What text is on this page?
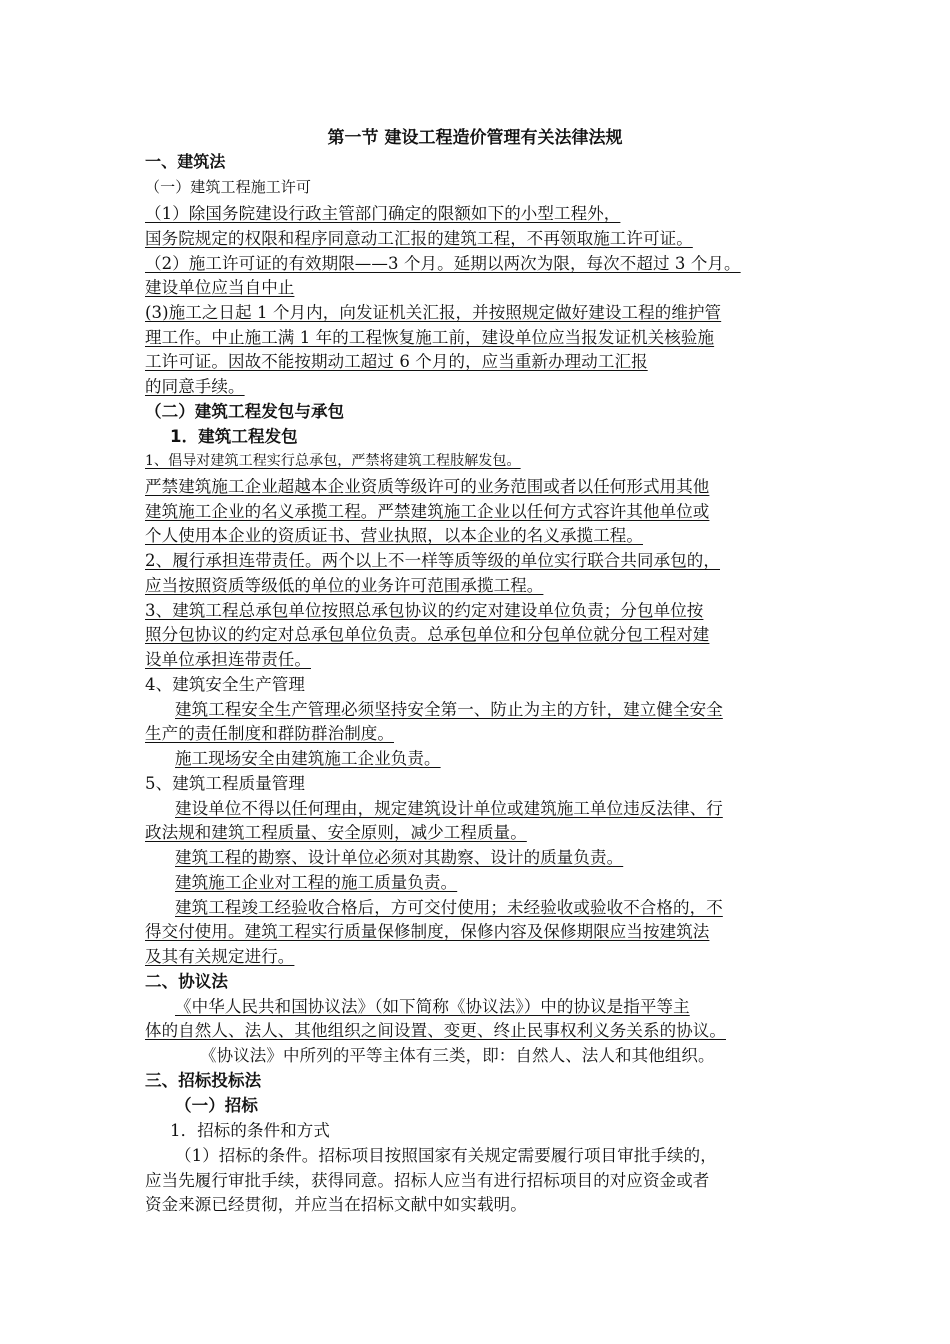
第一节 建设工程造价管理有关法律法规
一、建筑法
（一）建筑工程施工许可
（1）除国务院建设行政主管部门确定的限额如下的小型工程外，
国务院规定的权限和程序同意动工汇报的建筑工程，不再领取施工许可证。
（2）施工许可证的有效期限——3 个月。延期以两次为限，每次不超过 3 个月。
建设单位应当自中止
(3)施工之日起 1 个月内，向发证机关汇报，并按照规定做好建设工程的维护管
理工作。中止施工满 1 年的工程恢复施工前，建设单位应当报发证机关核验施
工许可证。因故不能按期动工超过 6 个月的，应当重新办理动工汇报
的同意手续。
（二）建筑工程发包与承包
1．建筑工程发包
1、倡导对建筑工程实行总承包，严禁将建筑工程肢解发包。
严禁建筑施工企业超越本企业资质等级许可的业务范围或者以任何形式用其他
建筑施工企业的名义承揽工程。严禁建筑施工企业以任何方式容许其他单位或
个人使用本企业的资质证书、营业执照，以本企业的名义承揽工程。
2、履行承担连带责任。两个以上不一样等质等级的单位实行联合共同承包的，
应当按照资质等级低的单位的业务许可范围承揽工程。
3、建筑工程总承包单位按照总承包协议的约定对建设单位负责；分包单位按
照分包协议的约定对总承包单位负责。总承包单位和分包单位就分包工程对建
设单位承担连带责任。
4、建筑安全生产管理
建筑工程安全生产管理必须坚持安全第一、防止为主的方针，建立健全安全
生产的责任制度和群防群治制度。
施工现场安全由建筑施工企业负责。
5、建筑工程质量管理
建设单位不得以任何理由，规定建筑设计单位或建筑施工单位违反法律、行
政法规和建筑工程质量、安全原则，减少工程质量。
建筑工程的勘察、设计单位必须对其勘察、设计的质量负责。
建筑施工企业对工程的施工质量负责。
建筑工程竣工经验收合格后，方可交付使用；未经验收或验收不合格的，不
得交付使用。建筑工程实行质量保修制度，保修内容及保修期限应当按建筑法
及其有关规定进行。
二、协议法
《中华人民共和国协议法》（如下简称《协议法》）中的协议是指平等主
体的自然人、法人、其他组织之间设置、变更、终止民事权利义务关系的协议。
《协议法》中所列的平等主体有三类，即：自然人、法人和其他组织。
三、招标投标法
（一）招标
1．招标的条件和方式
（1）招标的条件。招标项目按照国家有关规定需要履行项目审批手续的，
应当先履行审批手续，获得同意。招标人应当有进行招标项目的对应资金或者
资金来源已经贯彻，并应当在招标文献中如实载明。
